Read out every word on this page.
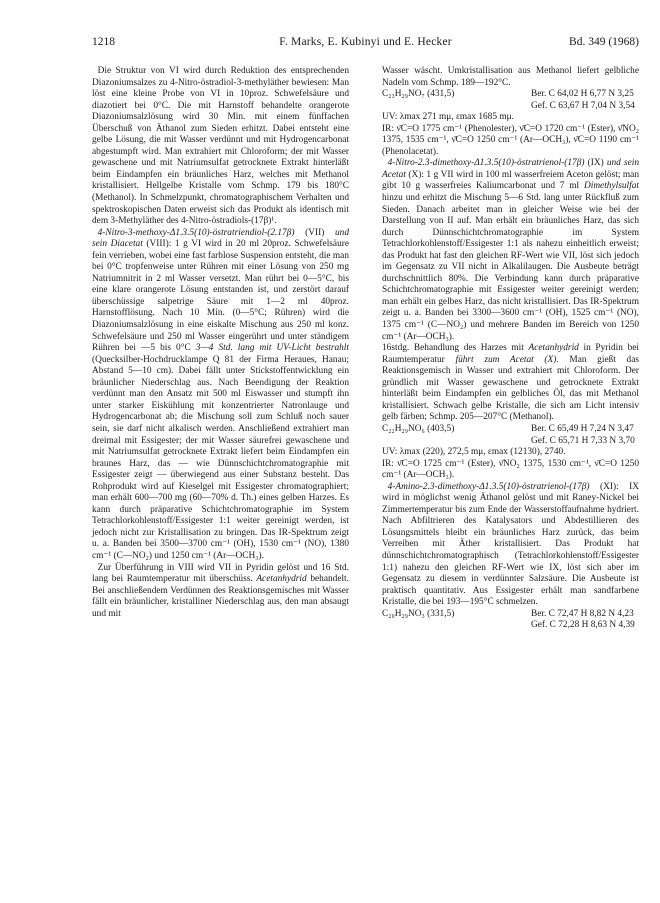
1218	F. Marks, E. Kubinyi und E. Hecker	Bd. 349 (1968)

Die Struktur von VI wird durch Reduktion des entsprechenden Diazoniumsalzes zu 4-Nitro-östradiol-3-methyläther bewiesen: Man löst eine kleine Probe von VI in 10proz. Schwefelsäure und diazotiert bei 0°C. Die mit Harnstoff behandelte orangerote Diazoniumsalzlösung wird 30 Min. mit einem fünffachen Überschuß von Äthanol zum Sieden erhitzt. Dabei entsteht eine gelbe Lösung, die mit Wasser verdünnt und mit Hydrogencarbonat abgestumpft wird. Man extrahiert mit Chloroform; der mit Wasser gewaschene und mit Natriumsulfat getrocknete Extrakt hinterläßt beim Eindampfen ein bräunliches Harz, welches mit Methanol kristallisiert. Hellgelbe Kristalle vom Schmp. 179 bis 180°C (Methanol). In Schmelzpunkt, chromatographischem Verhalten und spektroskopischen Daten erweist sich das Produkt als identisch mit dem 3-Methyläther des 4-Nitro-östradiols-(17β)¹.

4-Nitro-3-methoxy-Δ1.3.5(10)-östratriendiol-(2.17β) (VII) und sein Diacetat (VIII): 1 g VI wird in 20 ml 20proz. Schwefelsäure fein verrieben, wobei eine fast farblose Suspension entsteht, die man bei 0°C tropfenweise unter Rühren mit einer Lösung von 250 mg Natriumnitrit in 2 ml Wasser versetzt. Man rührt bei 0—5°C, bis eine klare orangerote Lösung entstanden ist, und zerstört darauf überschüssige salpetrige Säure mit 1—2 ml 40proz. Harnstofflösung. Nach 10 Min. (0—5°C; Rühren) wird die Diazoniumsalzlösung in eine eiskalte Mischung aus 250 ml konz. Schwefelsäure und 250 ml Wasser eingerührt und unter ständigem Rühren bei —5 bis 0°C 3—4 Std. lang mit UV-Licht bestrahlt (Quecksilber-Hochdrucklampe Q 81 der Firma Heraues, Hanau; Abstand 5—10 cm). Dabei fällt unter Stickstoffentwicklung ein bräunlicher Niederschlag aus. Nach Beendigung der Reaktion verdünnt man den Ansatz mit 500 ml Eiswasser und stumpft ihn unter starker Eiskühlung mit konzentrierter Natronlauge und Hydrogencarbonat ab; die Mischung soll zum Schluß noch sauer sein, sie darf nicht alkalisch werden. Anschließend extrahiert man dreimal mit Essigester; der mit Wasser säurefrei gewaschene und mit Natriumsulfat getrocknete Extrakt liefert beim Eindampfen ein braunes Harz, das — wie Dünnschichtchromatographie mit Essigester zeigt — überwiegend aus einer Substanz besteht. Das Rohprodukt wird auf Kieselgel mit Essigester chromatographiert; man erhält 600—700 mg (60—70% d. Th.) eines gelben Harzes. Es kann durch präparative Schichtchromatographie im System Tetrachlorkohlenstoff/Essigester 1:1 weiter gereinigt werden, ist jedoch nicht zur Kristallisation zu bringen. Das IR-Spektrum zeigt u. a. Banden bei 3500—3700 cm⁻¹ (OH), 1530 cm⁻¹ (NO), 1380 cm⁻¹ (C—NO₂) und 1250 cm⁻¹ (Ar—OCH₃).

Zur Überführung in VIII wird VII in Pyridin gelöst und 16 Std. lang bei Raumtemperatur mit überschüss. Acetanhydrid behandelt. Bei anschließendem Verdünnen des Reaktionsgemisches mit Wasser fällt ein bräunlicher, kristalliner Niederschlag aus, den man absaugt und mit

Wasser wäscht. Umkristallisation aus Methanol liefert gelbliche Nadeln vom Schmp. 189—192°C.

C₂₃H₂₉NO₇ (431,5)	Ber. C 64,02 H 6,77 N 3,25
Gef. C 63,67 H 7,04 N 3,54

UV: λmax 271 mμ, εmax 1685 mμ.

IR: ν̄C=O 1775 cm⁻¹ (Phenolester), ν̄C=O 1720 cm⁻¹ (Ester), ν̄NO₂ 1375, 1535 cm⁻¹, ν̄C=O 1250 cm⁻¹ (Ar—OCH₃), ν̄C=O 1190 cm⁻¹ (Phenolacetat).

4-Nitro-2.3-dimethoxy-Δ1.3.5(10)-östratrienol-(17β) (IX) und sein Acetat (X): 1 g VII wird in 100 ml wasserfreiem Aceton gelöst; man gibt 10 g wasserfreies Kaliumcarbonat und 7 ml Dimethylsulfat hinzu und erhitzt die Mischung 5—6 Std. lang unter Rückfluß zum Sieden. Danach arbeitet man in gleicher Weise wie bei der Darstellung von II auf. Man erhält ein bräunliches Harz, das sich durch Dünnschichtchromatographie im System Tetrachlorkohlenstoff/Essigester 1:1 als nahezu einheitlich erweist; das Produkt hat fast den gleichen RF-Wert wie VII, löst sich jedoch im Gegensatz zu VII nicht in Alkalilaugen. Die Ausbeute beträgt durchschnittlich 80%. Die Verbindung kann durch präparative Schichtchromatographie mit Essigester weiter gereinigt werden; man erhält ein gelbes Harz, das nicht kristallisiert. Das IR-Spektrum zeigt u. a. Banden bei 3300—3600 cm⁻¹ (OH), 1525 cm⁻¹ (NO), 1375 cm⁻¹ (C—NO₂) und mehrere Banden im Bereich von 1250 cm⁻¹ (Ar—OCH₃).

16stdg. Behandlung des Harzes mit Acetanhydrid in Pyridin bei Raumtemperatur führt zum Acetat (X). Man gießt das Reaktionsgemisch in Wasser und extrahiert mit Chloroform. Der gründlich mit Wasser gewaschene und getrocknete Extrakt hinterläßt beim Eindampfen ein gelbliches Öl, das mit Methanol kristallisiert. Schwach gelbe Kristalle, die sich am Licht intensiv gelb färben; Schmp. 205—207°C (Methanol).

C₂₂H₂₉NO₆ (403,5)	Ber. C 65,49 H 7,24 N 3,47
Gef. C 65,71 H 7,33 N 3,70

UV: λmax (220), 272,5 mμ, εmax (12130), 2740.

IR: ν̄C=O 1725 cm⁻¹ (Ester), ν̄NO₂ 1375, 1530 cm⁻¹, ν̄C=O 1250 cm⁻¹ (Ar—OCH₃).

4-Amino-2.3-dimethoxy-Δ1.3.5(10)-östratrienol-(17β) (XI): IX wird in möglichst wenig Äthanol gelöst und mit Raney-Nickel bei Zimmertemperatur bis zum Ende der Wasserstoffaufnahme hydriert. Nach Abfiltrieren des Katalysators und Abdestillieren des Lösungsmittels bleibt ein bräunliches Harz zurück, das beim Verreiben mit Äther kristallisiert. Das Produkt hat dünnschichtchromatographisch (Tetrachlorkohlenstoff/Essigester 1:1) nahezu den gleichen RF-Wert wie IX, löst sich aber im Gegensatz zu diesem in verdünnter Salzsäure. Die Ausbeute ist praktisch quantitativ. Aus Essigester erhält man sandfarbene Kristalle, die bei 193—195°C schmelzen.

C₂₀H₂₉NO₃ (331,5)	Ber. C 72,47 H 8,82 N 4,23
Gef. C 72,28 H 8,63 N 4,39
